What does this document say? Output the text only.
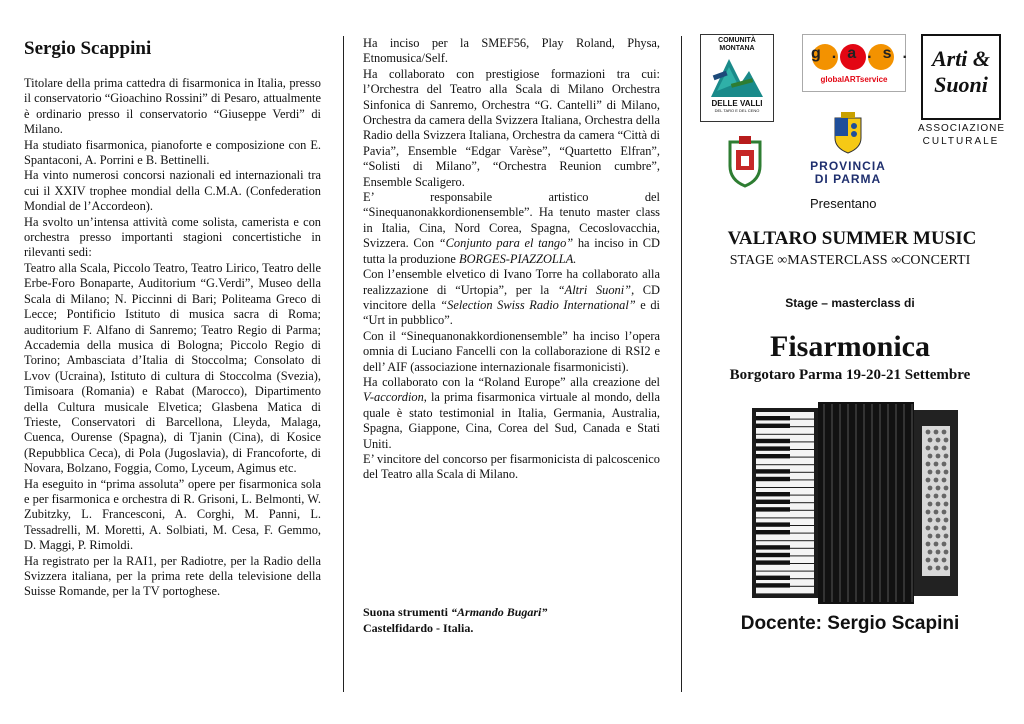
Sergio Scappini

Titolare della prima cattedra di fisarmonica in Italia, presso il conservatorio “Gioachino Rossini” di Pesaro, attualmente è ordinario presso il conservatorio “Giuseppe Verdi” di Milano.
Ha studiato fisarmonica, pianoforte e composizione con E. Spantaconi, A. Porrini e B. Bettinelli.
Ha vinto numerosi concorsi nazionali ed internazionali tra cui il XXIV trophee mondial della C.M.A. (Confederation Mondial de l’Accordeon).
Ha svolto un’intensa attività come solista, camerista e con orchestra presso importanti stagioni concertistiche in rilevanti sedi:
Teatro alla Scala, Piccolo Teatro, Teatro Lirico, Teatro delle Erbe-Foro Bonaparte, Auditorium “G.Verdi”, Museo della Scala di Milano; N. Piccinni di Bari; Politeama Greco di Lecce; Pontificio Istituto di musica sacra di Roma; auditorium F. Alfano di Sanremo; Teatro Regio di Parma; Accademia della musica di Bologna; Piccolo Regio di Torino; Ambasciata d’Italia di Stoccolma; Consolato di Lvov (Ucraina), Istituto di cultura di Stoccolma (Svezia), Timisoara (Romania) e Rabat (Marocco), Dipartimento della Cultura musicale Elvetica; Glasbena Matica di Trieste, Conservatori di Barcellona, Lleyda, Malaga, Cuenca, Ourense (Spagna), di Tjanin (Cina), di Kosice (Repubblica Ceca), di Pola (Jugoslavia), di Francoforte, di Novara, Bolzano, Foggia, Como, Lyceum, Agimus etc.
Ha eseguito in “prima assoluta” opere per fisarmonica sola e per fisarmonica e orchestra di R. Grisoni, L. Belmonti, W. Zubitzky, L. Francesconi, A. Corghi, M. Panni, L. Tessadrelli, M. Moretti, A. Solbiati, M. Cesa, F. Gemmo, D. Maggi, P. Rimoldi.
Ha registrato per la RAI1, per Radiotre, per la Radio della Svizzera italiana, per la prima rete della televisione della Suisse Romande, per la TV portoghese.

Ha inciso per la SMEF56, Play Roland, Physa, Etnomusica/Self.

Ha collaborato con prestigiose formazioni tra cui: l’Orchestra del Teatro alla Scala di Milano Orchestra Sinfonica di Sanremo, Orchestra “G. Cantelli” di Milano, Orchestra da camera della Svizzera Italiana, Orchestra della Radio della Svizzera Italiana, Orchestra da camera “Città di Pavia”, Ensemble “Edgar Varèse”, “Quartetto Elfran”, “Solisti di Milano”, “Orchestra Reunion cumbre”, Ensemble Scaligero.

E’ responsabile artistico del “Sinequanonakkordionensemble”. Ha tenuto master class in Italia, Cina, Nord Corea, Spagna, Cecoslovacchia, Svizzera. Con “Conjunto para el tango” ha inciso in CD tutta la produzione BORGES-PIAZZOLLA.

Con l’ensemble elvetico di Ivano Torre ha collaborato alla realizzazione di “Urtopia”, per la “Altri Suoni”, CD vincitore della “Selection Swiss Radio International” e di “Urt in pubblico”.

Con il “Sinequanonakkordionensemble” ha inciso l’opera omnia di Luciano Fancelli con la collaborazione di RSI2 e dell’ AIF (associazione internazionale fisarmonicisti).

Ha collaborato con la “Roland Europe” alla creazione del V-accordion, la prima fisarmonica virtuale al mondo, della quale è stato testimonial in Italia, Germania, Australia, Spagna, Giappone, Cina, Corea del Sud, Canada e Stati Uniti.

E’ vincitore del concorso per fisarmonicista di palcoscenico del Teatro alla Scala di Milano.

Suona strumenti “Armando Bugari”
Castelfidardo - Italia.
COMUNITÀ MONTANA
DELLE VALLI
DEL TARO E DEL CENO
g.a.s.
globalARTservice
Arti & Suoni
ASSOCIAZIONE
CULTURALE
PROVINCIA
DI PARMA
Presentano
VALTARO SUMMER MUSIC
STAGE ∞MASTERCLASS ∞CONCERTI
Stage – masterclass di
Fisarmonica
Borgotaro Parma 19-20-21 Settembre
Docente: Sergio Scapini
